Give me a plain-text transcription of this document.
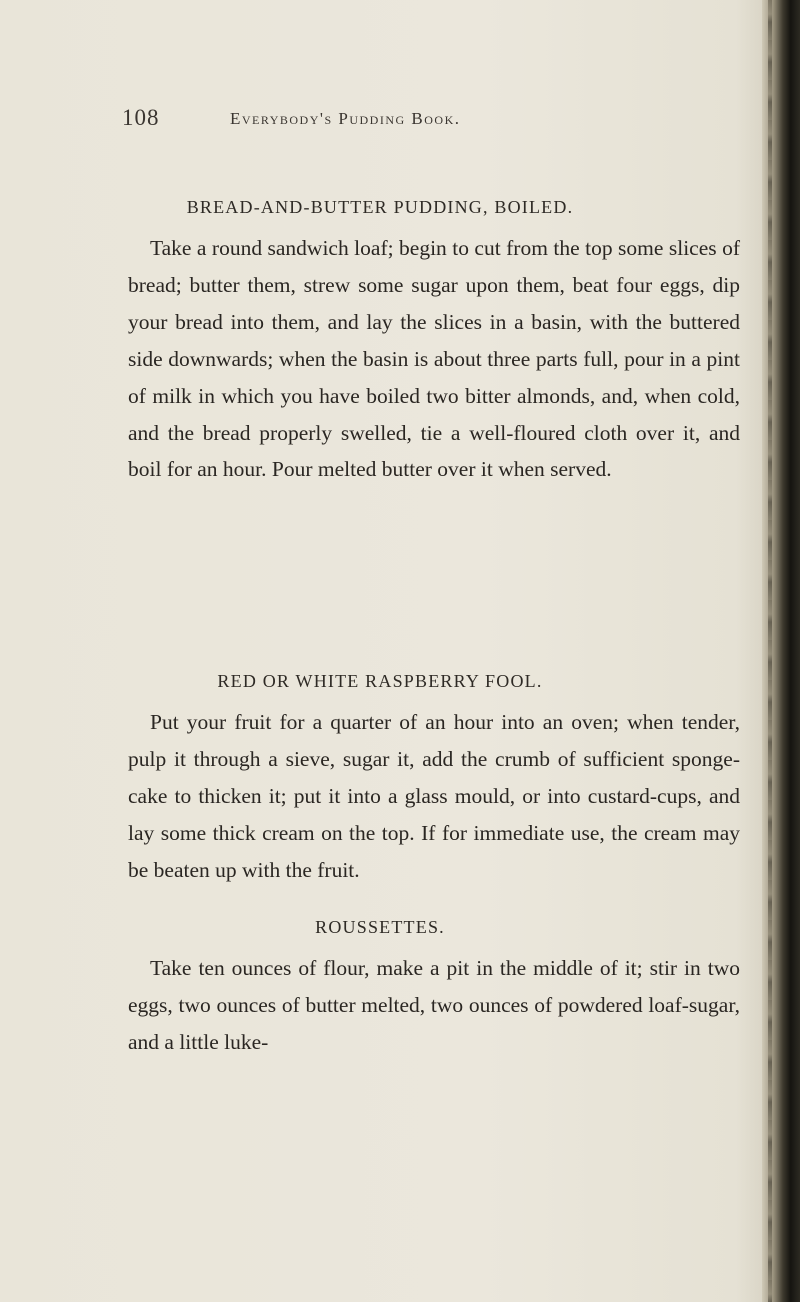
108	Everybody's Pudding Book.
BREAD-AND-BUTTER PUDDING, BOILED.
Take a round sandwich loaf; begin to cut from the top some slices of bread; butter them, strew some sugar upon them, beat four eggs, dip your bread into them, and lay the slices in a basin, with the buttered side downwards; when the basin is about three parts full, pour in a pint of milk in which you have boiled two bitter almonds, and, when cold, and the bread properly swelled, tie a well-floured cloth over it, and boil for an hour. Pour melted butter over it when served.
RED OR WHITE RASPBERRY FOOL.
Put your fruit for a quarter of an hour into an oven; when tender, pulp it through a sieve, sugar it, add the crumb of sufficient sponge-cake to thicken it; put it into a glass mould, or into custard-cups, and lay some thick cream on the top. If for immediate use, the cream may be beaten up with the fruit.
ROUSSETTES.
Take ten ounces of flour, make a pit in the middle of it; stir in two eggs, two ounces of butter melted, two ounces of powdered loaf-sugar, and a little luke-
